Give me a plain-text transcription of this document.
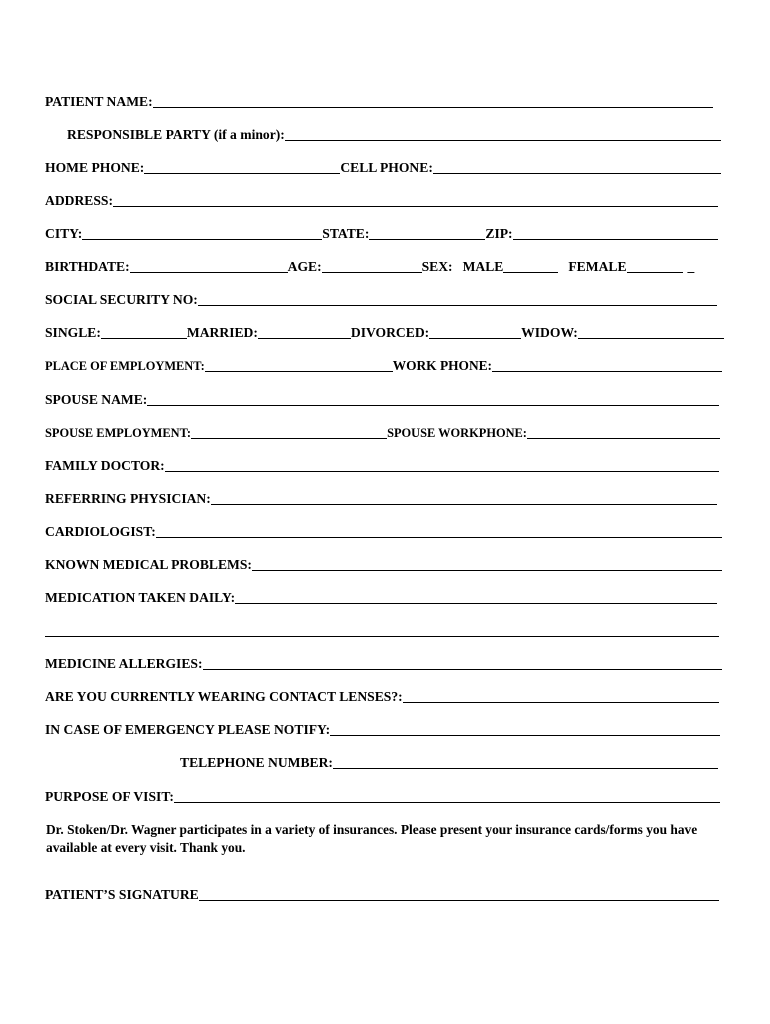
PATIENT NAME:
RESPONSIBLE PARTY (if a minor):
HOME PHONE:	CELL PHONE:
ADDRESS:
CITY:	STATE:	ZIP:
BIRTHDATE:	AGE:	SEX: MALE	FEMALE	_
SOCIAL SECURITY NO:
SINGLE:	MARRIED:	DIVORCED:	WIDOW:
PLACE OF EMPLOYMENT:	WORK PHONE:
SPOUSE NAME:
SPOUSE EMPLOYMENT:	SPOUSE WORKPHONE:
FAMILY DOCTOR:
REFERRING PHYSICIAN:
CARDIOLOGIST:
KNOWN MEDICAL PROBLEMS:
MEDICATION TAKEN DAILY:
MEDICINE ALLERGIES:
ARE YOU CURRENTLY WEARING CONTACT LENSES?:
IN CASE OF EMERGENCY PLEASE NOTIFY:
TELEPHONE NUMBER:
PURPOSE OF VISIT:
Dr. Stoken/Dr. Wagner participates in a variety of insurances. Please present your insurance cards/forms you have available at every visit. Thank you.
PATIENT’S SIGNATURE
